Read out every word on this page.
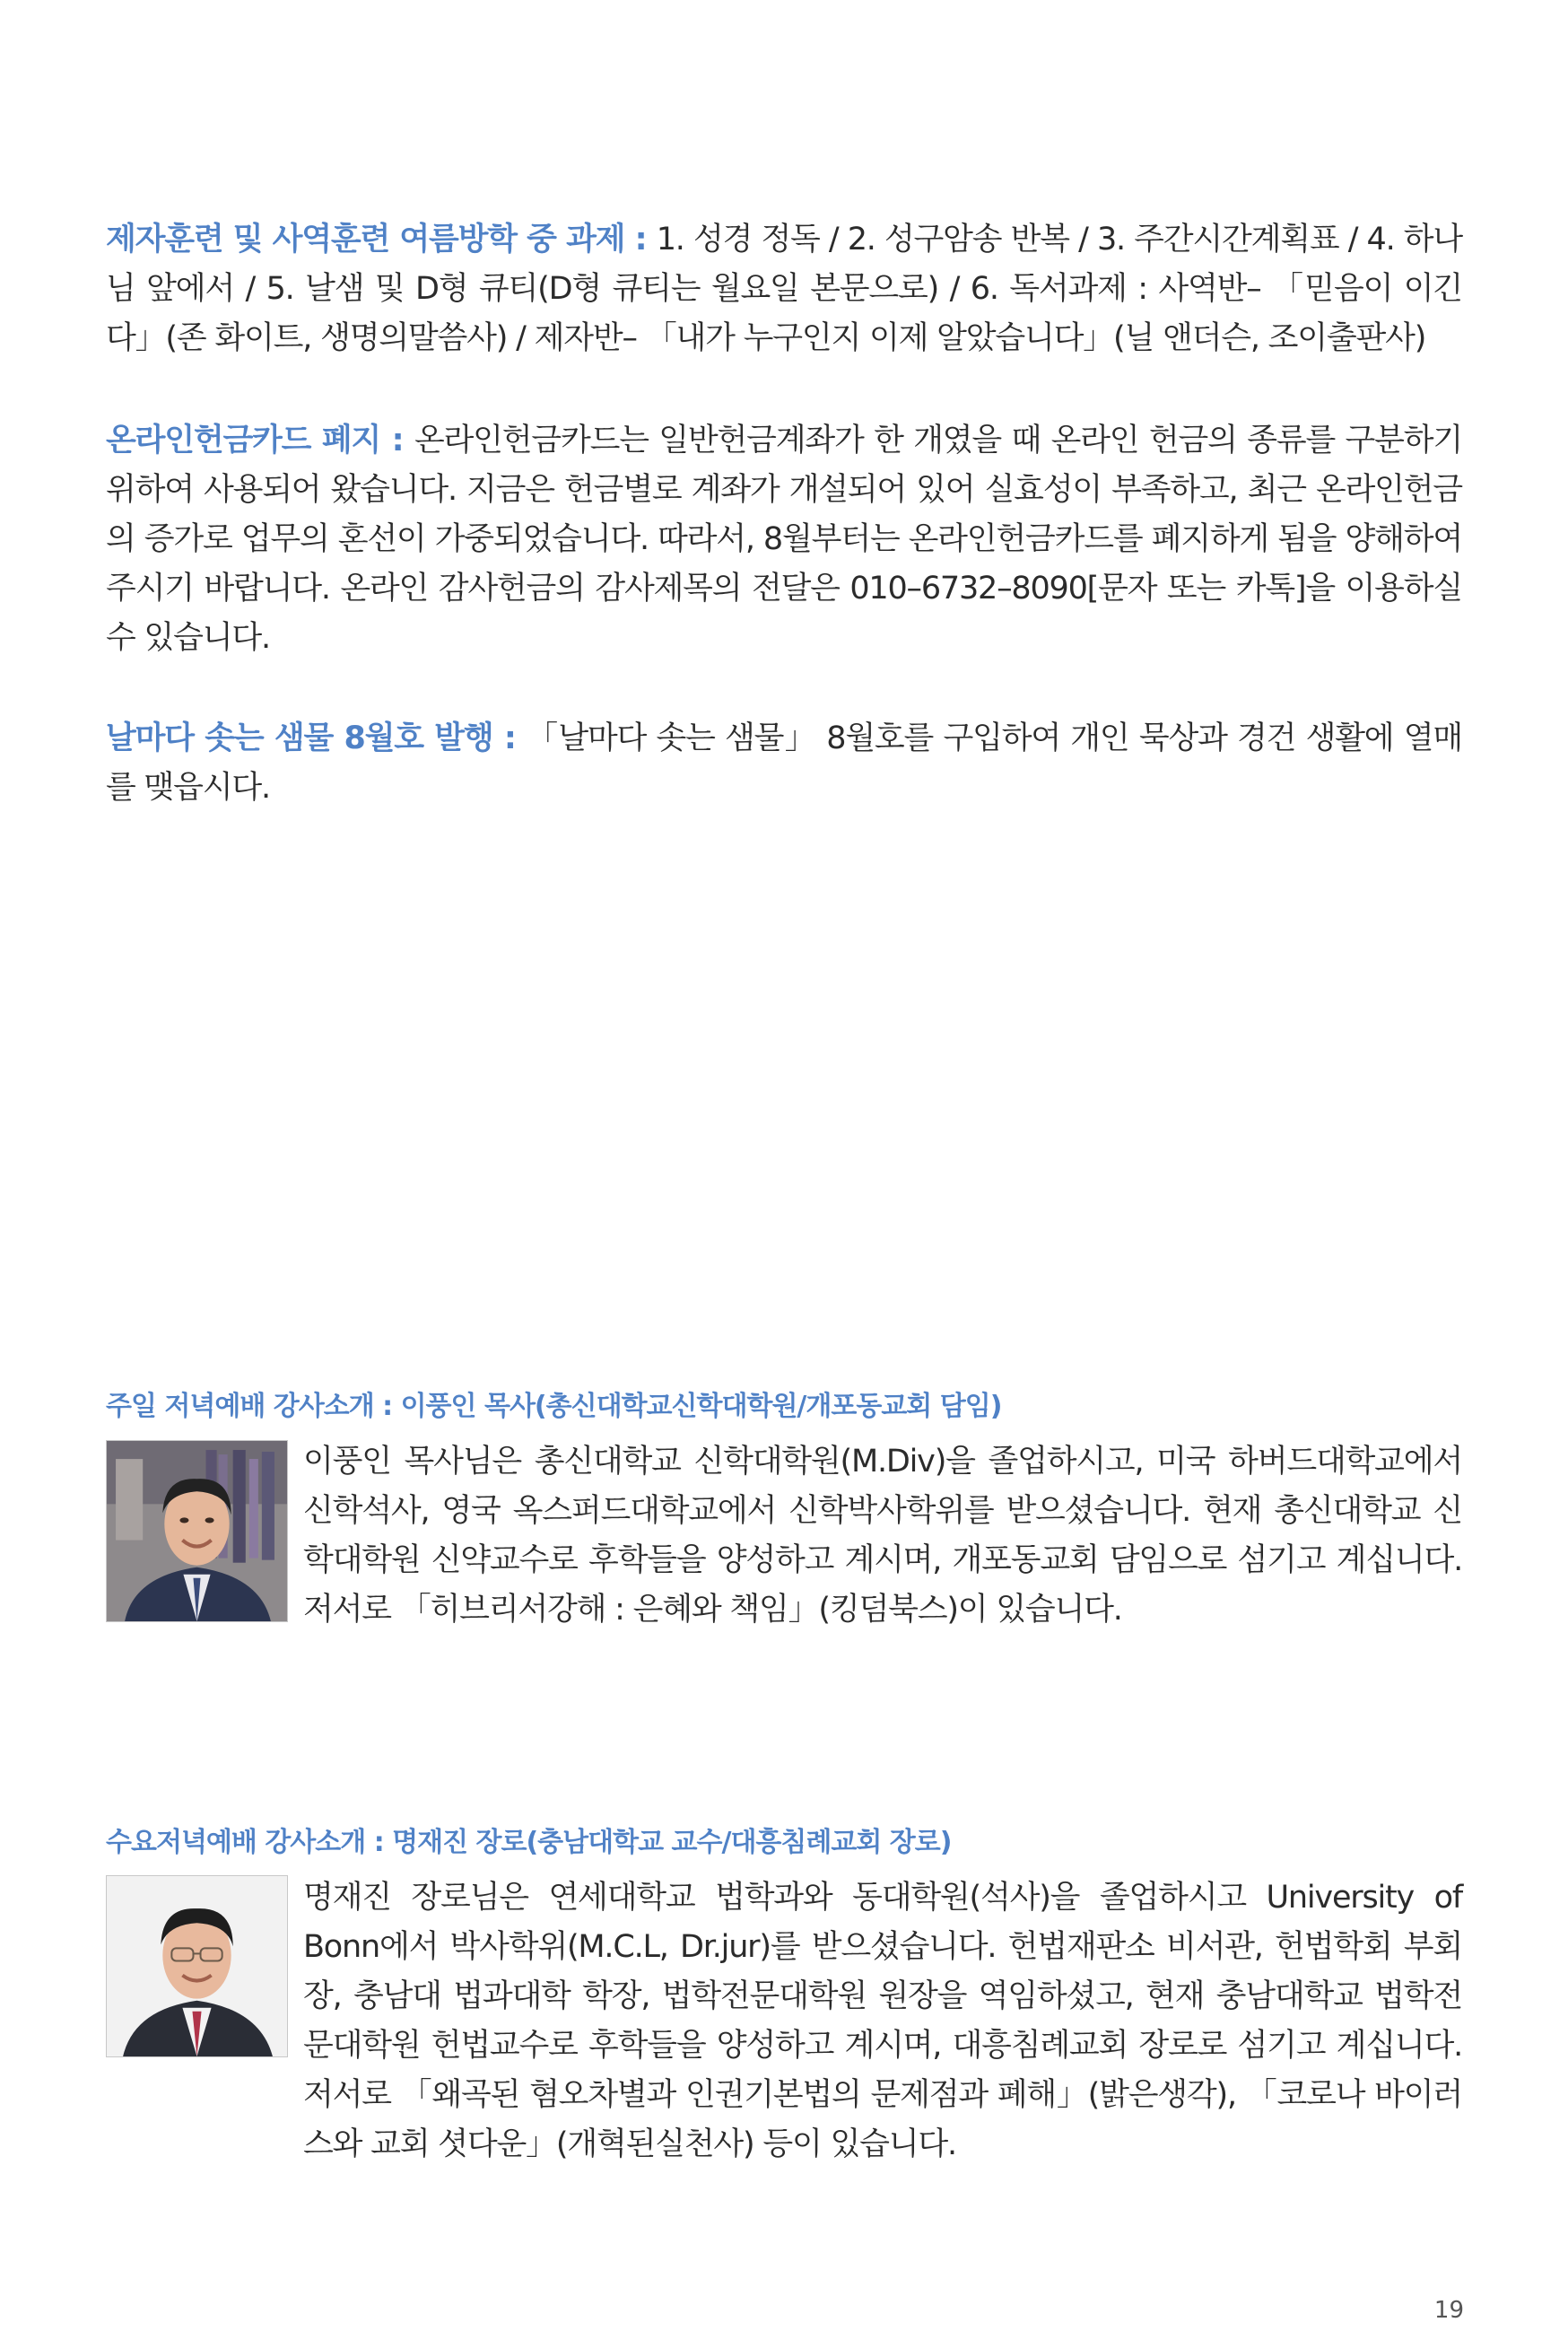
제자훈련 및 사역훈련 여름방학 중 과제 : 1. 성경 정독 / 2. 성구암송 반복 / 3. 주간시간계획표 / 4. 하나님 앞에서 / 5. 날샘 및 D형 큐티(D형 큐티는 월요일 본문으로) / 6. 독서과제 : 사역반– 「믿음이 이긴다」(존 화이트, 생명의말씀사) / 제자반– 「내가 누구인지 이제 알았습니다」(닐 앤더슨, 조이출판사)

온라인헌금카드 폐지 : 온라인헌금카드는 일반헌금계좌가 한 개였을 때 온라인 헌금의 종류를 구분하기 위하여 사용되어 왔습니다. 지금은 헌금별로 계좌가 개설되어 있어 실효성이 부족하고, 최근 온라인헌금의 증가로 업무의 혼선이 가중되었습니다. 따라서, 8월부터는 온라인헌금카드를 폐지하게 됨을 양해하여 주시기 바랍니다. 온라인 감사헌금의 감사제목의 전달은 010–6732–8090[문자 또는 카톡]을 이용하실 수 있습니다.

날마다 솟는 샘물 8월호 발행 : 「날마다 솟는 샘물」 8월호를 구입하여 개인 묵상과 경건 생활에 열매를 맺읍시다.

주일 저녁예배 강사소개 : 이풍인 목사(총신대학교신학대학원/개포동교회 담임)

이풍인 목사님은 총신대학교 신학대학원(M.Div)을 졸업하시고, 미국 하버드대학교에서 신학석사, 영국 옥스퍼드대학교에서 신학박사학위를 받으셨습니다. 현재 총신대학교 신학대학원 신약교수로 후학들을 양성하고 계시며, 개포동교회 담임으로 섬기고 계십니다. 저서로 「히브리서강해 : 은혜와 책임」(킹덤북스)이 있습니다.

수요저녁예배 강사소개 : 명재진 장로(충남대학교 교수/대흥침례교회 장로)

명재진 장로님은 연세대학교 법학과와 동대학원(석사)을 졸업하시고 University of Bonn에서 박사학위(M.C.L, Dr.jur)를 받으셨습니다. 헌법재판소 비서관, 헌법학회 부회장, 충남대 법과대학 학장, 법학전문대학원 원장을 역임하셨고, 현재 충남대학교 법학전문대학원 헌법교수로 후학들을 양성하고 계시며, 대흥침례교회 장로로 섬기고 계십니다. 저서로 「왜곡된 혐오차별과 인권기본법의 문제점과 폐해」(밝은생각), 「코로나 바이러스와 교회 셧다운」(개혁된실천사) 등이 있습니다.

19
